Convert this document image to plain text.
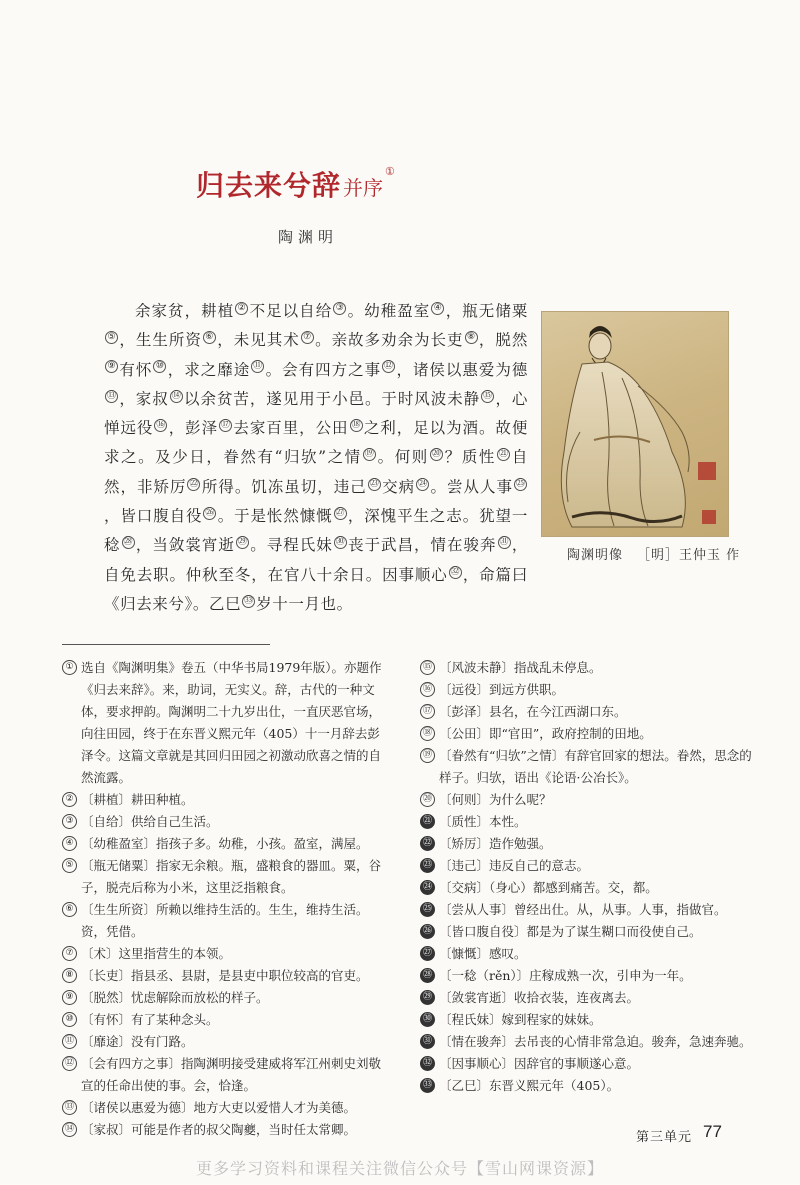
归去来兮辞 并序①
陶渊明

余家贫，耕植 ② 不足以自给 ③ 。幼稚盈室 ④ ，瓶无储粟⑤ ，生生所资 ⑥ ，未见其术 ⑦ 。亲故多劝余为长吏 ⑧ ，脱然⑨ 有怀 ⑩ ，求之靡途 ⑪ 。会有四方之事 ⑫ ，诸侯以惠爱为德⑬ ，家叔 ⑭ 以余贫苦，遂见用于小邑。于时风波未静 ⑮ ，心惮远役 ⑯ ，彭泽 ⑰ 去家百里，公田 ⑱ 之利，足以为酒。故便求之。及少日，眷然有“归欤”之情 ⑲ 。何则 ⑳ ？质性 ㉑ 自然，非矫厉 ㉒ 所得。饥冻虽切，违己 ㉓ 交病 ㉔ 。尝从人事 ㉕，皆口腹自役 ㉖ 。于是怅然慷慨 ㉗ ，深愧平生之志。犹望一稔 ㉘ ，当敛裳宵逝 ㉙ 。寻程氏妹 ㉚ 丧于武昌，情在骏奔 ㉛ ，自免去职。仲秋至冬，在官八十余日。因事顺心 ㉜ ，命篇曰《归去来兮》。乙巳 ㉝ 岁十一月也。

陶渊明像 ［明］王仲玉 作
① 选自《陶渊明集》卷五（中华书局1979年版）。亦题作《归去来辞》。来，助词，无实义。辞，古代的一种文体，要求押韵。陶渊明二十九岁出仕，一直厌恶官场，向往田园，终于在东晋义熙元年（405）十一月辞去彭泽令。这篇文章就是其回归田园之初激动欣喜之情的自然流露。
② 〔耕植〕耕田种植。
③ 〔自给〕供给自己生活。
④ 〔幼稚盈室〕指孩子多。幼稚，小孩。盈室，满屋。
⑤ 〔瓶无储粟〕指家无余粮。瓶，盛粮食的器皿。粟，谷子，脱壳后称为小米，这里泛指粮食。
⑥ 〔生生所资〕所赖以维持生活的。生生，维持生活。资，凭借。
⑦ 〔术〕这里指营生的本领。
⑧ 〔长吏〕指县丞、县尉，是县吏中职位较高的官吏。
⑨ 〔脱然〕忧虑解除而放松的样子。
⑩ 〔有怀〕有了某种念头。
⑪ 〔靡途〕没有门路。
⑫ 〔会有四方之事〕指陶渊明接受建威将军江州刺史刘敬宣的任命出使的事。会，恰逢。
⑬ 〔诸侯以惠爱为德〕地方大吏以爱惜人才为美德。
⑭ 〔家叔〕可能是作者的叔父陶夔，当时任太常卿。
⑮ 〔风波未静〕指战乱未停息。
⑯ 〔远役〕到远方供职。
⑰ 〔彭泽〕县名，在今江西湖口东。
⑱ 〔公田〕即“官田”，政府控制的田地。
⑲ 〔眷然有“归欤”之情〕有辞官回家的想法。眷然，思念的样子。归欤，语出《论语·公冶长》。
⑳ 〔何则〕为什么呢？
㉑ 〔质性〕本性。
㉒ 〔矫厉〕造作勉强。
㉓ 〔违己〕违反自己的意志。
㉔ 〔交病〕（身心）都感到痛苦。交，都。
㉕ 〔尝从人事〕曾经出仕。从，从事。人事，指做官。
㉖ 〔皆口腹自役〕都是为了谋生糊口而役使自己。
㉗ 〔慷慨〕感叹。
㉘ 〔一稔（rěn）〕庄稼成熟一次，引申为一年。
㉙ 〔敛裳宵逝〕收拾衣装，连夜离去。
㉚ 〔程氏妹〕嫁到程家的妹妹。
㉛ 〔情在骏奔〕去吊丧的心情非常急迫。骏奔，急速奔驰。
㉜ 〔因事顺心〕因辞官的事顺遂心意。
㉝ 〔乙巳〕东晋义熙元年（405）。
第三单元 77
更多学习资料和课程关注微信公众号【雪山网课资源】
